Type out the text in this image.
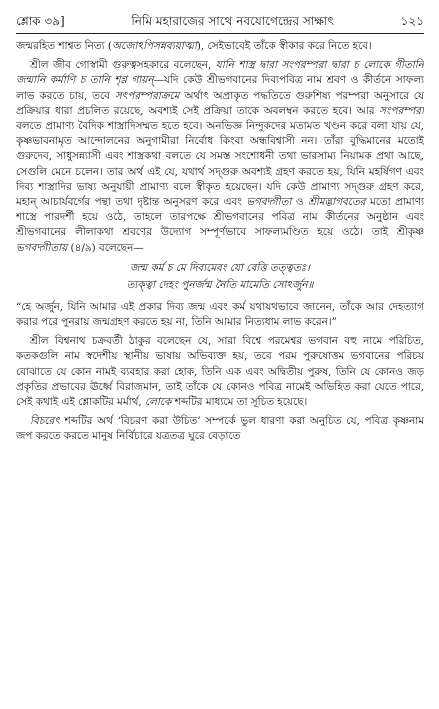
শ্লোক ৩৯]	নিমি মহারাজের সাথে নবযোগেন্দ্রের সাক্ষাৎ	১২১

জন্মরহিত শাশ্বত নিত্য (অজোঽপিসন্নব্যয়াত্মা), সেইভাবেই তাঁকে স্বীকার করে নিতে হবে।

শ্রীল জীব গোস্বামী গুরুত্বসহকারে বলেছেন, যানি শাস্ত্র দ্বারা সংপরম্পরা দ্বারা চ লোকে গীতানি জন্মানি কর্মাণি চ তানি শৃণ্ণ গায়ন্—যদি কেউ শ্রীভগবানের দিব্যপবিত্র নাম শ্রবণ ও কীর্তনে সাফল্য লাভ করতে চায়, তবে সৎপরম্পরাক্রমে অর্থাৎ অপ্রাকৃত পদ্ধতিতে গুরুশিষ্য পরম্পরা অনুসারে যে প্রক্রিয়ার ধারা প্রচলিত রয়েছে, অবশ্যই সেই প্রক্রিয়া তাকে অবলম্বন করতে হবে। আর সংপরম্পরা বলতে প্রামাণ্য বৈদিক শাস্ত্রাদিসম্মত হতে হবে। অনভিজ্ঞ নিন্দুকদের মতামত খণ্ডন করে বলা যায় যে, কৃষ্ণভাবনামৃত আন্দোলনের অনুগামীরা নির্বোধ কিংবা অন্ধবিশ্বাসী নন। তাঁরা বুদ্ধিমানের মতোই গুরুদেব, সাধুসন্ন্যাসী এবং শাস্ত্রকথা বলতে যে সমস্ত সংশোধনী তথা ভারসাম্য নিয়ামক প্রথা আছে, সেগুলি মেনে চলেন। তার অর্থ এই যে, যথার্থ সদ্গুরু অবশ্যই গ্রহণ করতে হয়, যিনি মহর্ষিগণ এবং দিব্য শাস্ত্রাদির ভাষ্য অনুযায়ী প্রামাণ্য বলে স্বীকৃত হয়েছেন। যদি কেউ প্রামাণ্য সদ্গুরু গ্রহণ করে, মহান্ আচার্যবর্গের পন্থা তথা দৃষ্টান্ত অনুসরণ করে এবং ভগবদ্গীতা ও শ্রীমদ্ভাগবতের মতো প্রামাণ্য শাস্ত্রে পারদর্শী হয়ে ওঠে, তাহলে তারপক্ষে শ্রীভগবানের পবিত্র নাম কীর্তনের অনুষ্ঠান এবং শ্রীভগবানের লীলাকথা শ্রবণের উদ্যোগ সম্পূর্ণভাবে সাফল্যমণ্ডিত হয়ে ওঠে। তাই শ্রীকৃষ্ণ ভগবদ্গীতায় (৪/৯) বলেছেন—

জন্ম কর্ম চ মে দিব্যমেবং যো বেত্তি তত্ত্বতঃ।
ত্যক্ত্বা দেহং পুনর্জন্ম নৈতি মামেতি সোঽর্জুন॥

“হে অর্জুন, যিনি আমার এই প্রকার দিব্য জন্ম এবং কর্ম যথাযথভাবে জানেন, তাঁকে আর দেহত্যাগ করার পরে পুনরায় জন্মগ্রহণ করতে হয় না, তিনি আমার নিত্যধাম লাভ করেন।”

শ্রীল বিশ্বনাথ চক্রবর্তী ঠাকুর বলেছেন যে, সারা বিশ্বে পরমেশ্বর ভগবান বহু নামে পরিচিত, কতকগুলি নাম স্বদেশীয় স্থানীয় ভাষায় অভিব্যক্ত হয়, তবে পরম পুরুষোত্তম ভগবানের পরিচয় বোঝাতে যে কোন নামই ব্যবহার করা হোক, তিনি এক এবং অদ্বিতীয় পুরুষ, তিনি যে কোনও জড় প্রকৃতির প্রভাবের ঊর্ধ্বে বিরাজমান, তাই তাঁকে যে কোনও পবিত্র নামেই অভিহিত করা যেতে পারে, সেই কথাই এই শ্লোকটির মর্মার্থ, লোকে শব্দটির মাধ্যমে তা সূচিত হয়েছে।

বিচরেৎ শব্দটির অর্থ ‘বিচরণ করা উচিত’ সম্পর্কে ভুল ধারণা করা অনুচিত যে, পবিত্র কৃষ্ণনাম জপ করতে করতে মানুষ নির্বিচারে যত্রতত্র ঘুরে বেড়াতে
